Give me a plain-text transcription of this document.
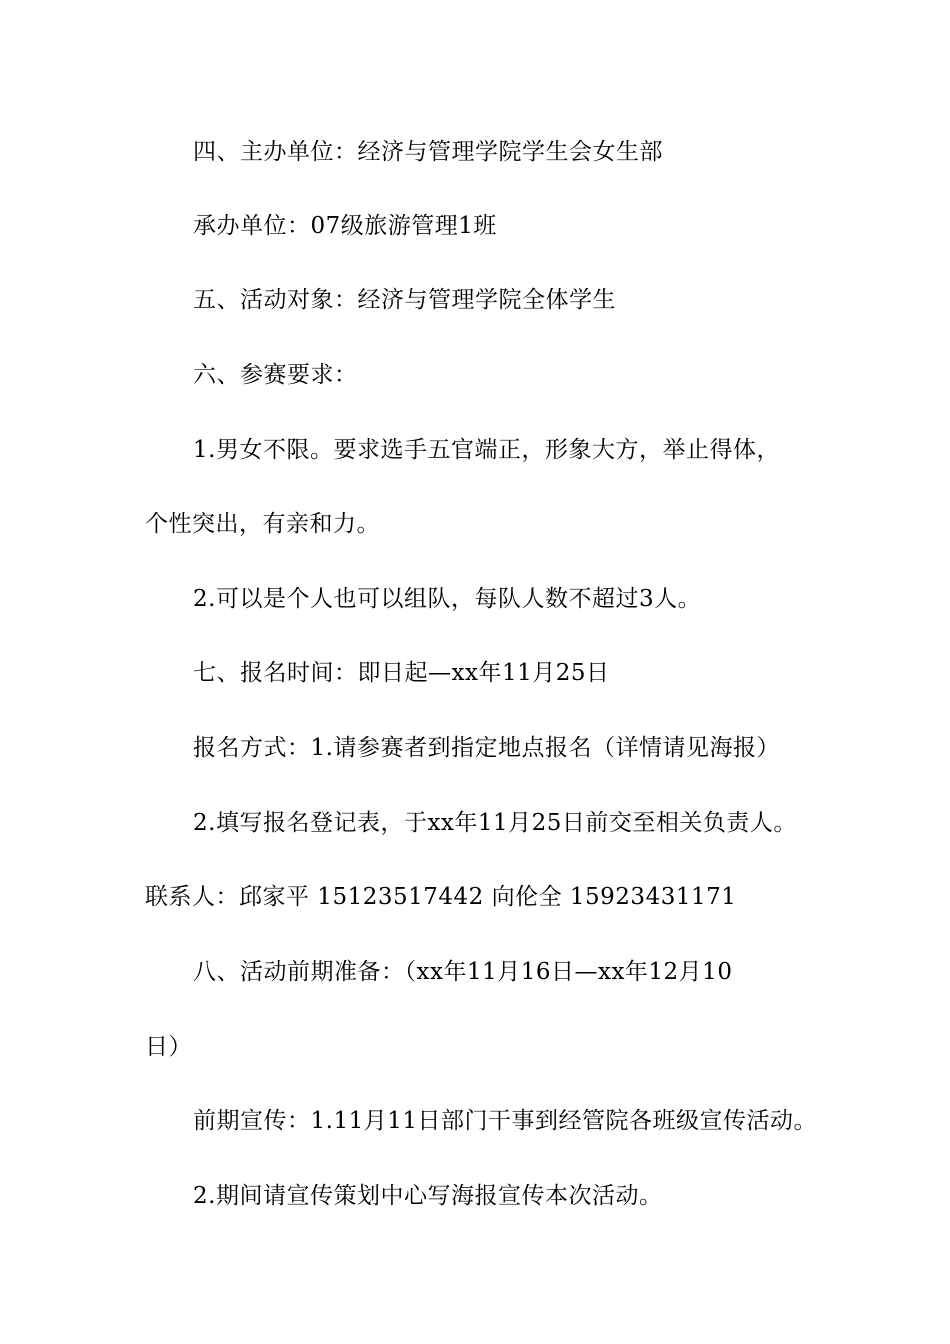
四、主办单位：经济与管理学院学生会女生部
承办单位：07级旅游管理1班
五、活动对象：经济与管理学院全体学生
六、参赛要求：
1.男女不限。要求选手五官端正，形象大方，举止得体，
个性突出，有亲和力。
2.可以是个人也可以组队，每队人数不超过3人。
七、报名时间：即日起—xx年11月25日
报名方式：1.请参赛者到指定地点报名（详情请见海报）
2.填写报名登记表，于xx年11月25日前交至相关负责人。
联系人：邱家平 15123517442 向伦全 15923431171
八、活动前期准备：（xx年11月16日—xx年12月10
日）
前期宣传：1.11月11日部门干事到经管院各班级宣传活动。
2.期间请宣传策划中心写海报宣传本次活动。
